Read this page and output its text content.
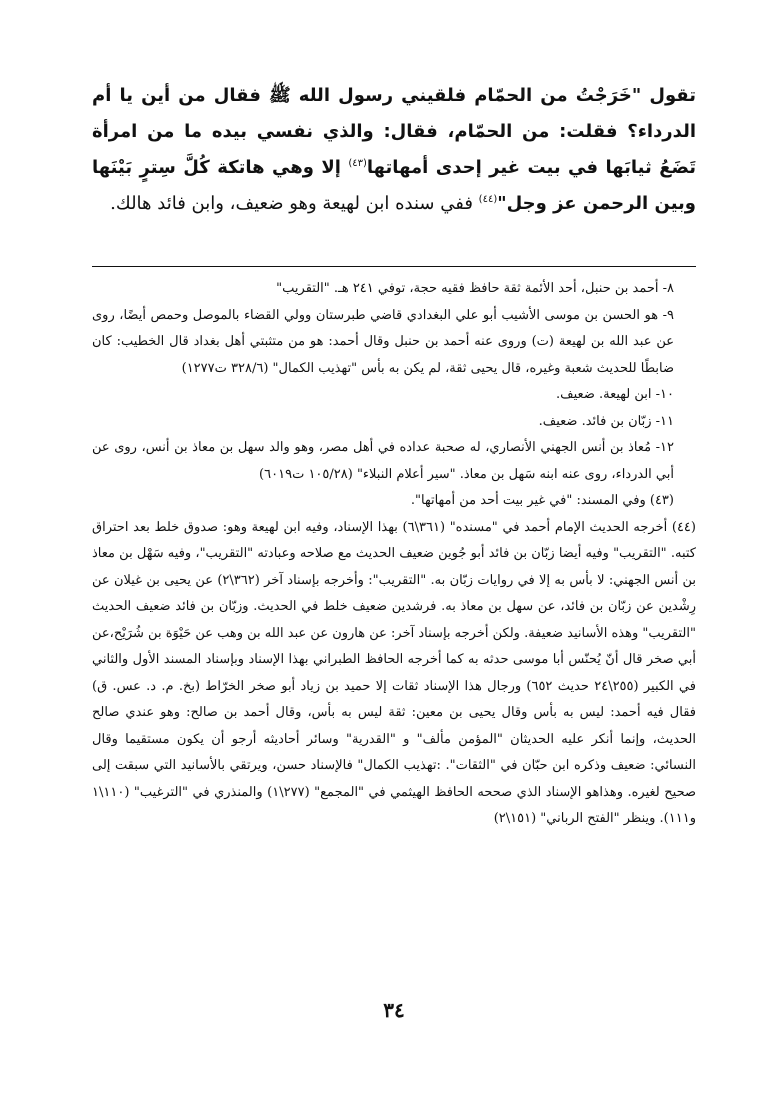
تقول "خَرَجْتُ من الحمّام فلقيني رسول الله ﷺ فقال من أين يا أم الدرداء؟ فقلت: من الحمّام، فقال: والذي نفسي بيده ما من امرأة تَضَعُ ثيابَها في بيت غير إحدى أمهاتها$^{(٤٣)}$ إلا وهي هاتكة كُلَّ سِترٍ بَيْنَها وبين الرحمن عز وجل"$^{(٤٤)}$ ففي سنده ابن لهيعة وهو ضعيف، وابن فائد هالك.

٨- أحمد بن حنبل، أحد الأئمة ثقة حافظ فقيه حجة، توفي ٢٤١ هـ. "التقريب"

٩- هو الحسن بن موسى الأشيب أبو علي البغدادي قاضي طبرستان وولي القضاء بالموصل وحمص أيضًا، روى عن عبد الله بن لهيعة (ت) وروى عنه أحمد بن حنبل وقال أحمد: هو من متثبتي أهل بغداد قال الخطيب: كان ضابطًا للحديث شعبة وغيره، قال يحيى ثقة، لم يكن به بأس "تهذيب الكمال" (٣٢٨/٦ ت١٢٧٧)

١٠- ابن لهيعة. ضعيف.

١١- زبّان بن فائد. ضعيف.

١٢- مُعاذ بن أنس الجهني الأنصاري، له صحبة عداده في أهل مصر، وهو والد سهل بن معاذ بن أنس، روى عن أبي الدرداء، روى عنه ابنه سَهل بن معاذ. "سير أعلام النبلاء" (١٠٥/٢٨ ت٦٠١٩)

(٤٣) وفي المسند: "في غير بيت أحد من أمهاتها".

(٤٤) أخرجه الحديث الإمام أحمد في "مسنده" (٣٦١\٦) بهذا الإسناد، وفيه ابن لهيعة وهو: صدوق خلط بعد احتراق كتبه. "التقريب" وفيه أيضا زبّان بن فائد أبو جُوين ضعيف الحديث مع صلاحه وعبادته "التقريب"، وفيه سَهْل بن معاذ بن أنس الجهني: لا بأس به إلا في روايات زبّان به. "التقريب": وأخرجه بإسناد آخر (٣٦٢\٢) عن يحيى بن غيلان عن رِشْدين عن زبّان بن فائد، عن سهل بن معاذ به. فرشدين ضعيف خلط في الحديث. وزبّان بن فائد ضعيف الحديث "التقريب" وهذه الأسانيد ضعيفة. ولكن أخرجه بإسناد آخر: عن هارون عن عبد الله بن وهب عن حَيْوَة بن شُرَيْح،عن أبي صخر قال أنّ يُحنّس أبا موسى حدثه به كما أخرجه الحافظ الطبراني بهذا الإسناد وبإسناد المسند الأول والثاني في الكبير (٢٥٥\٢٤ حديث ٦٥٢) ورجال هذا الإسناد ثقات إلا حميد بن زياد أبو صخر الخرّاط (بخ. م. د. عس. ق) فقال فيه أحمد: ليس به بأس وقال يحيى بن معين: ثقة ليس به بأس، وقال أحمد بن صالح: وهو عندي صالح الحديث، وإنما أنكر عليه الحديثان "المؤمن مألف" و "القدرية" وسائر أحاديثه أرجو أن يكون مستقيما وقال النسائي: ضعيف وذكره ابن حبّان في "الثقات". :تهذيب الكمال" فالإسناد حسن، ويرتقي بالأسانيد التي سبقت إلى صحيح لغيره. وهذاهو الإسناد الذي صححه الحافظ الهيثمي في "المجمع" (٢٧٧\١) والمنذري في "الترغيب" (١١٠\١ و١١١). وينظر "الفتح الرباني" (١٥١\٢)

٣٤
